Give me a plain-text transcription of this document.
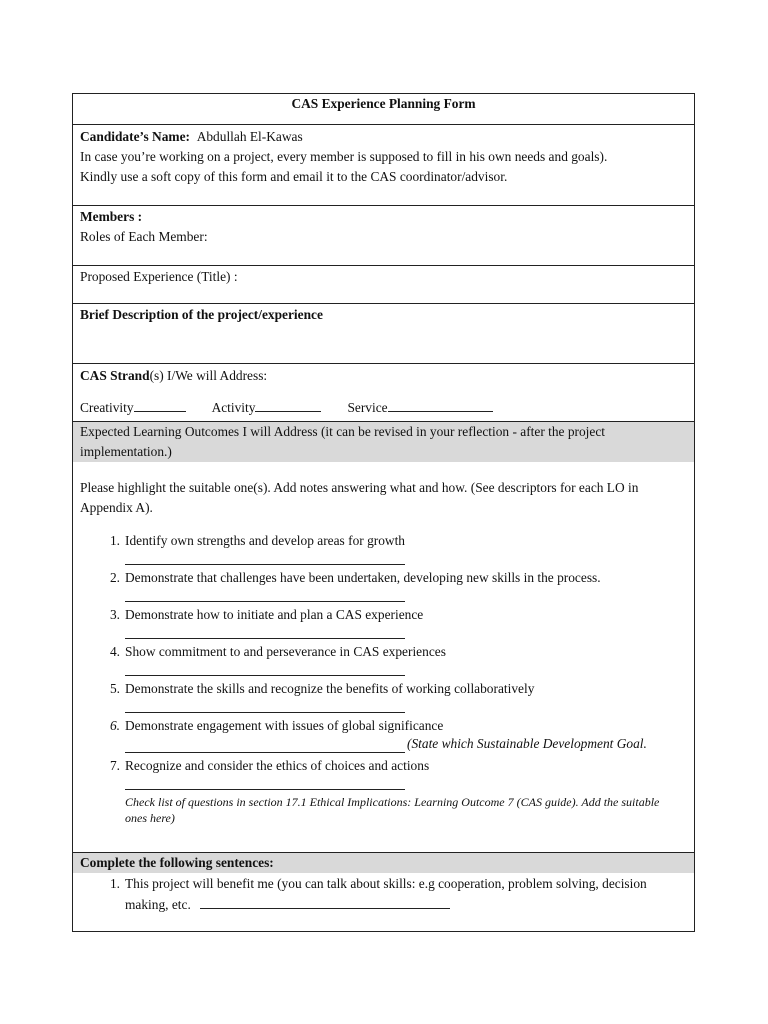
CAS Experience Planning Form
Candidate’s Name: Abdullah El-Kawas
In case you’re working on a project, every member is supposed to fill in his own needs and goals).
Kindly use a soft copy of this form and email it to the CAS coordinator/advisor.
Members :
Roles of Each Member:
Proposed Experience (Title) :
Brief Description of the project/experience
CAS Strand(s) I/We will Address:
Creativity	Activity	Service
Expected Learning Outcomes I will Address (it can be revised in your reflection - after the project implementation.)
Please highlight the suitable one(s). Add notes answering what and how. (See descriptors for each LO in Appendix A).
1. Identify own strengths and develop areas for growth
2. Demonstrate that challenges have been undertaken, developing new skills in the process.
3. Demonstrate how to initiate and plan a CAS experience
4. Show commitment to and perseverance in CAS experiences
5. Demonstrate the skills and recognize the benefits of working collaboratively
6. Demonstrate engagement with issues of global significance
(State which Sustainable Development Goal.
7. Recognize and consider the ethics of choices and actions
Check list of questions in section 17.1 Ethical Implications: Learning Outcome 7 (CAS guide). Add the suitable ones here)
Complete the following sentences:
1. This project will benefit me (you can talk about skills: e.g cooperation, problem solving, decision making, etc.
